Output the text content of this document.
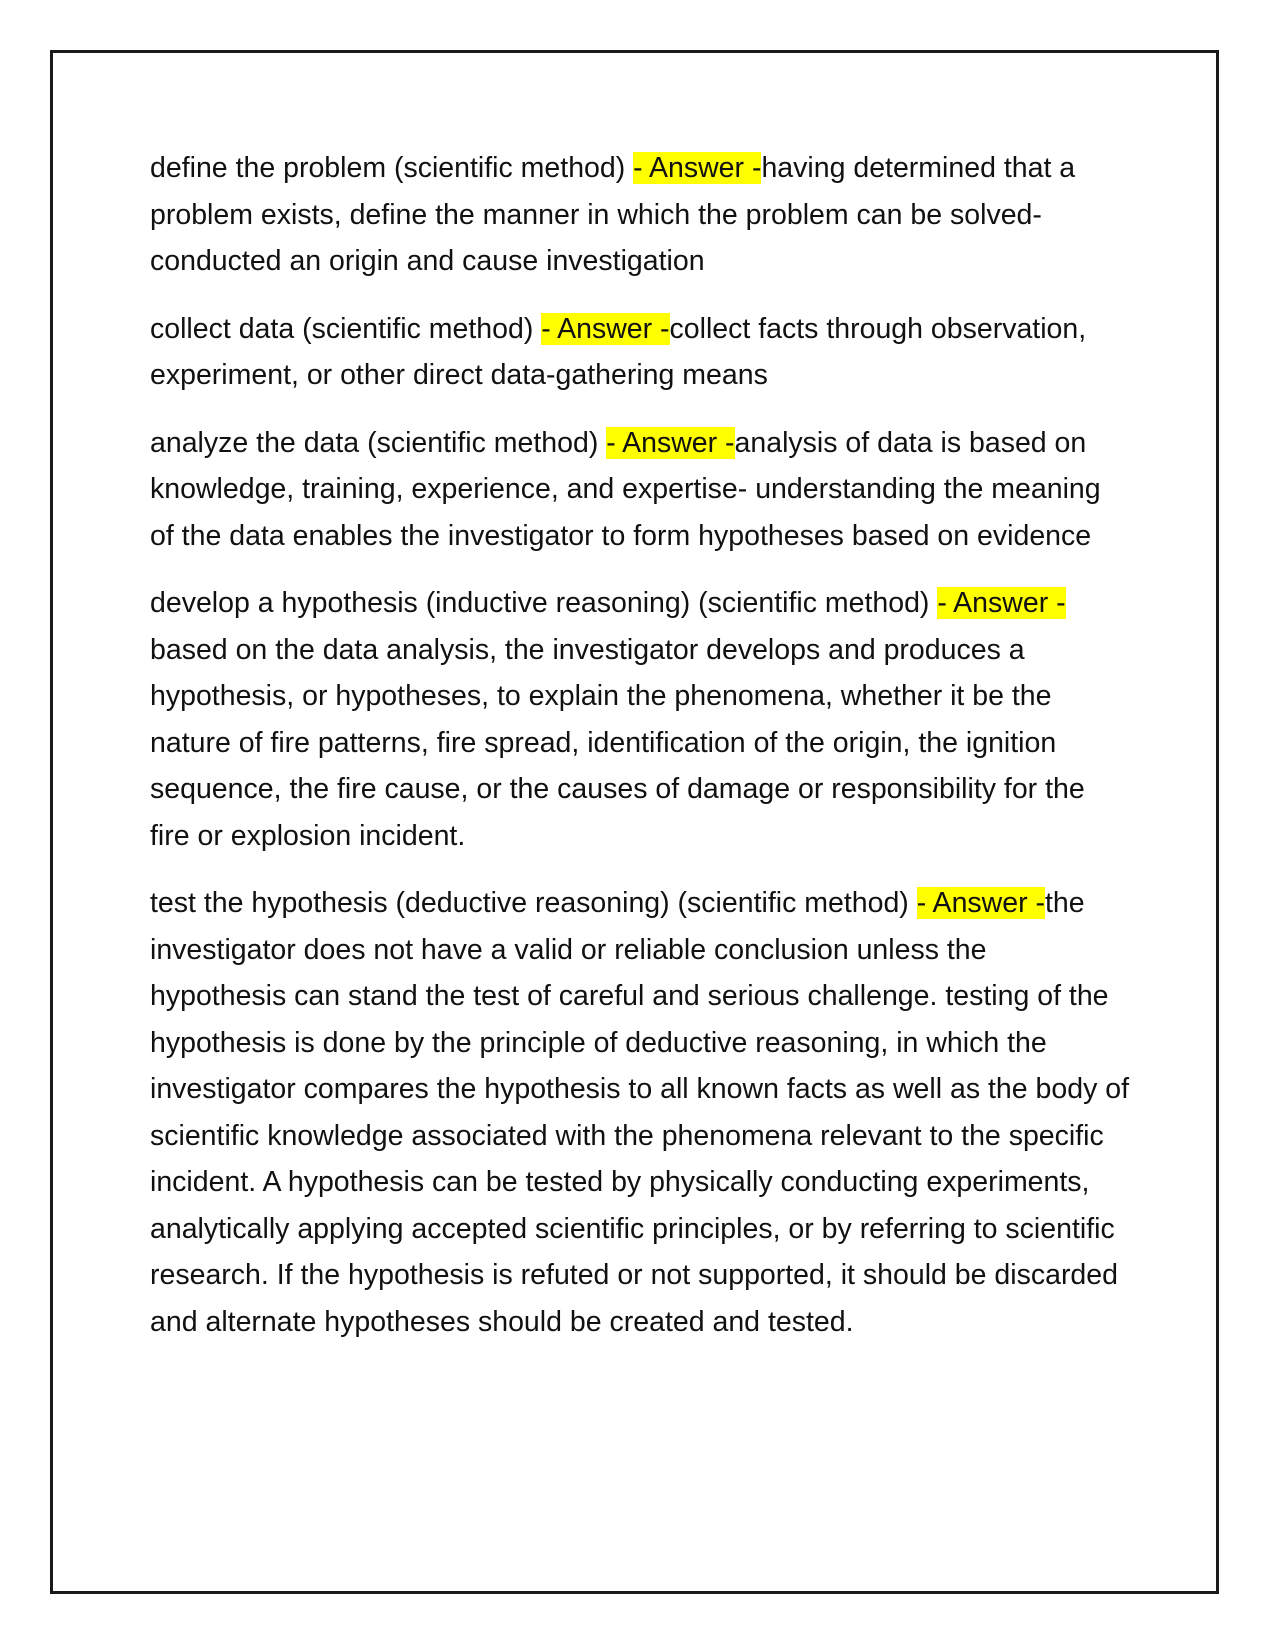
define the problem (scientific method) - Answer -having determined that a problem exists, define the manner in which the problem can be solved- conducted an origin and cause investigation

collect data (scientific method) - Answer -collect facts through observation, experiment, or other direct data-gathering means

analyze the data (scientific method) - Answer -analysis of data is based on knowledge, training, experience, and expertise- understanding the meaning of the data enables the investigator to form hypotheses based on evidence

develop a hypothesis (inductive reasoning) (scientific method) - Answer -based on the data analysis, the investigator develops and produces a hypothesis, or hypotheses, to explain the phenomena, whether it be the nature of fire patterns, fire spread, identification of the origin, the ignition sequence, the fire cause, or the causes of damage or responsibility for the fire or explosion incident.

test the hypothesis (deductive reasoning) (scientific method) - Answer -the investigator does not have a valid or reliable conclusion unless the hypothesis can stand the test of careful and serious challenge. testing of the hypothesis is done by the principle of deductive reasoning, in which the investigator compares the hypothesis to all known facts as well as the body of scientific knowledge associated with the phenomena relevant to the specific incident. A hypothesis can be tested by physically conducting experiments, analytically applying accepted scientific principles, or by referring to scientific research. If the hypothesis is refuted or not supported, it should be discarded and alternate hypotheses should be created and tested.
